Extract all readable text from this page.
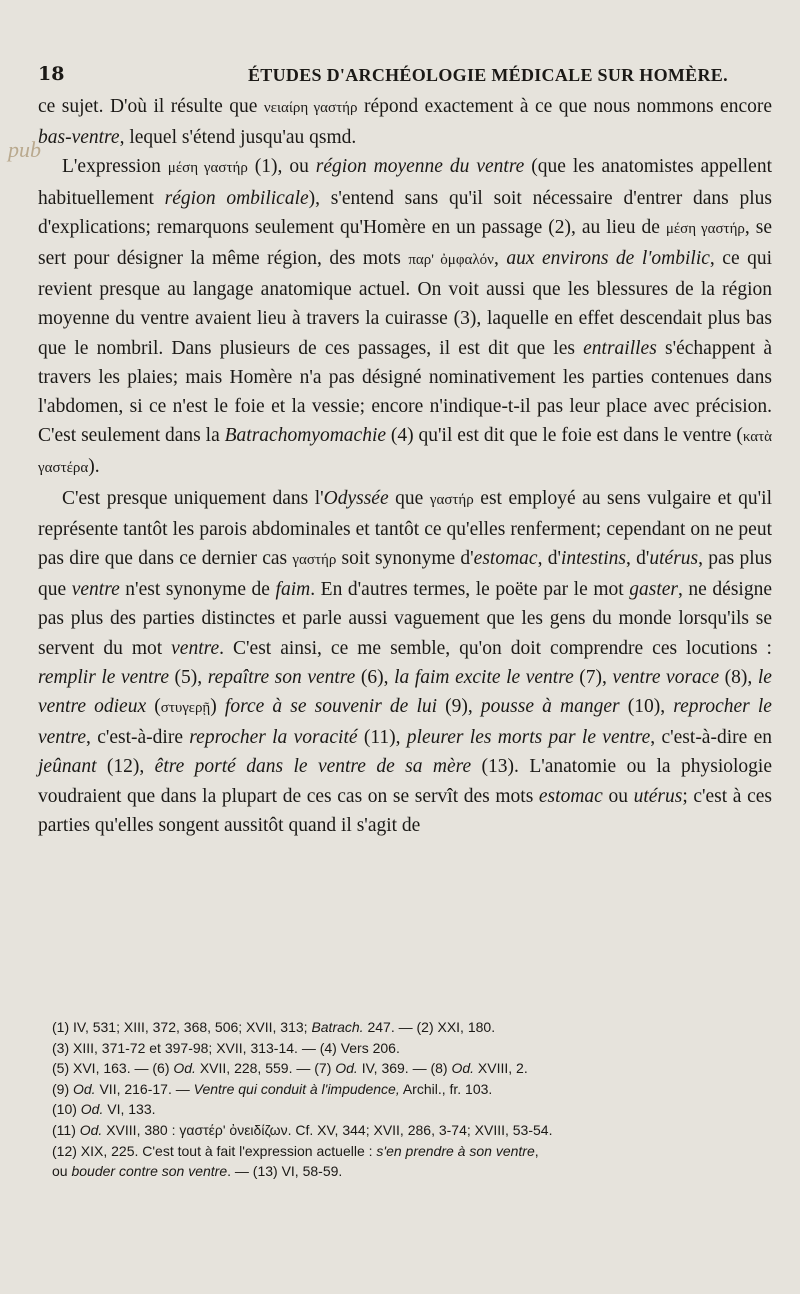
18	ÉTUDES D'ARCHÉOLOGIE MÉDICALE SUR HOMÈRE.
pub

ce sujet. D'où il résulte que νειαίρη γαστήρ répond exactement à ce que nous nommons encore bas-ventre, lequel s'étend jusqu'au qsmd.

L'expression μέση γαστήρ (1), ou région moyenne du ventre (que les anatomistes appellent habituellement région ombilicale), s'entend sans qu'il soit nécessaire d'entrer dans plus d'explications; remarquons seulement qu'Homère en un passage (2), au lieu de μέση γαστήρ, se sert pour désigner la même région, des mots παρ' ὀμφαλόν, aux environs de l'ombilic, ce qui revient presque au langage anatomique actuel. On voit aussi que les blessures de la région moyenne du ventre avaient lieu à travers la cuirasse (3), laquelle en effet descendait plus bas que le nombril. Dans plusieurs de ces passages, il est dit que les entrailles s'échappent à travers les plaies; mais Homère n'a pas désigné nominativement les parties contenues dans l'abdomen, si ce n'est le foie et la vessie; encore n'indique-t-il pas leur place avec précision. C'est seulement dans la Batrachomyomachie (4) qu'il est dit que le foie est dans le ventre (κατὰ γαστέρα).

C'est presque uniquement dans l'Odyssée que γαστήρ est employé au sens vulgaire et qu'il représente tantôt les parois abdominales et tantôt ce qu'elles renferment; cependant on ne peut pas dire que dans ce dernier cas γαστήρ soit synonyme d'estomac, d'intestins, d'utérus, pas plus que ventre n'est synonyme de faim. En d'autres termes, le poëte par le mot gaster, ne désigne pas plus des parties distinctes et parle aussi vaguement que les gens du monde lorsqu'ils se servent du mot ventre. C'est ainsi, ce me semble, qu'on doit comprendre ces locutions : remplir le ventre (5), repaître son ventre (6), la faim excite le ventre (7), ventre vorace (8), le ventre odieux (στυγερῇ) force à se souvenir de lui (9), pousse à manger (10), reprocher le ventre, c'est-à-dire reprocher la voracité (11), pleurer les morts par le ventre, c'est-à-dire en jeûnant (12), être porté dans le ventre de sa mère (13). L'anatomie ou la physiologie voudraient que dans la plupart de ces cas on se servît des mots estomac ou utérus; c'est à ces parties qu'elles songent aussitôt quand il s'agit de

(1) IV, 531; XIII, 372, 368, 506; XVII, 313; Batrach. 247. — (2) XXI, 180.
(3) XIII, 371-72 et 397-98; XVII, 313-14. — (4) Vers 206.
(5) XVI, 163. — (6) Od. XVII, 228, 559. — (7) Od. IV, 369. — (8) Od. XVIII, 2.
(9) Od. VII, 216-17. — Ventre qui conduit à l'impudence, Archil., fr. 103.
(10) Od. VI, 133.
(11) Od. XVIII, 380 : γαστέρ' ὀνειδίζων. Cf. XV, 344; XVII, 286, 3-74; XVIII, 53-54.
(12) XIX, 225. C'est tout à fait l'expression actuelle : s'en prendre à son ventre,
ou bouder contre son ventre. — (13) VI, 58-59.
